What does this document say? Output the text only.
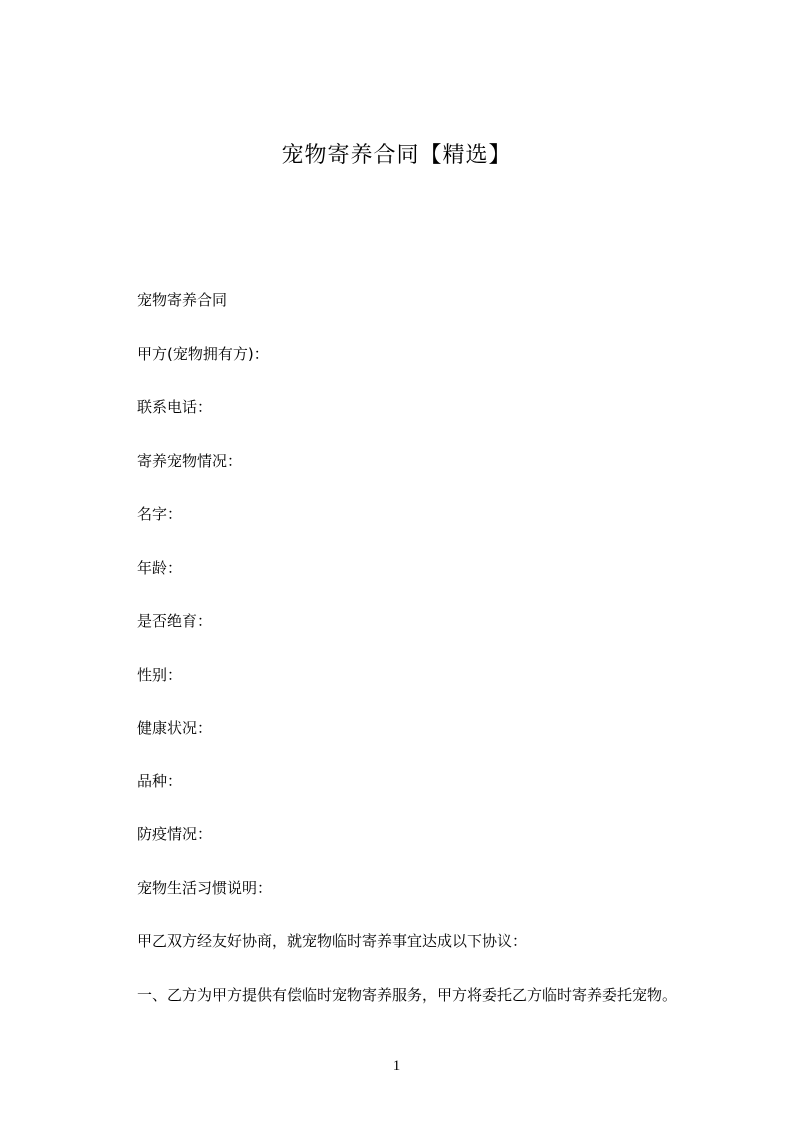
宠物寄养合同【精选】
宠物寄养合同
甲方(宠物拥有方)：
联系电话：
寄养宠物情况：
名字：
年龄：
是否绝育：
性别：
健康状况：
品种：
防疫情况：
宠物生活习惯说明：
甲乙双方经友好协商，就宠物临时寄养事宜达成以下协议：
一、乙方为甲方提供有偿临时宠物寄养服务，甲方将委托乙方临时寄养委托宠物。
1
